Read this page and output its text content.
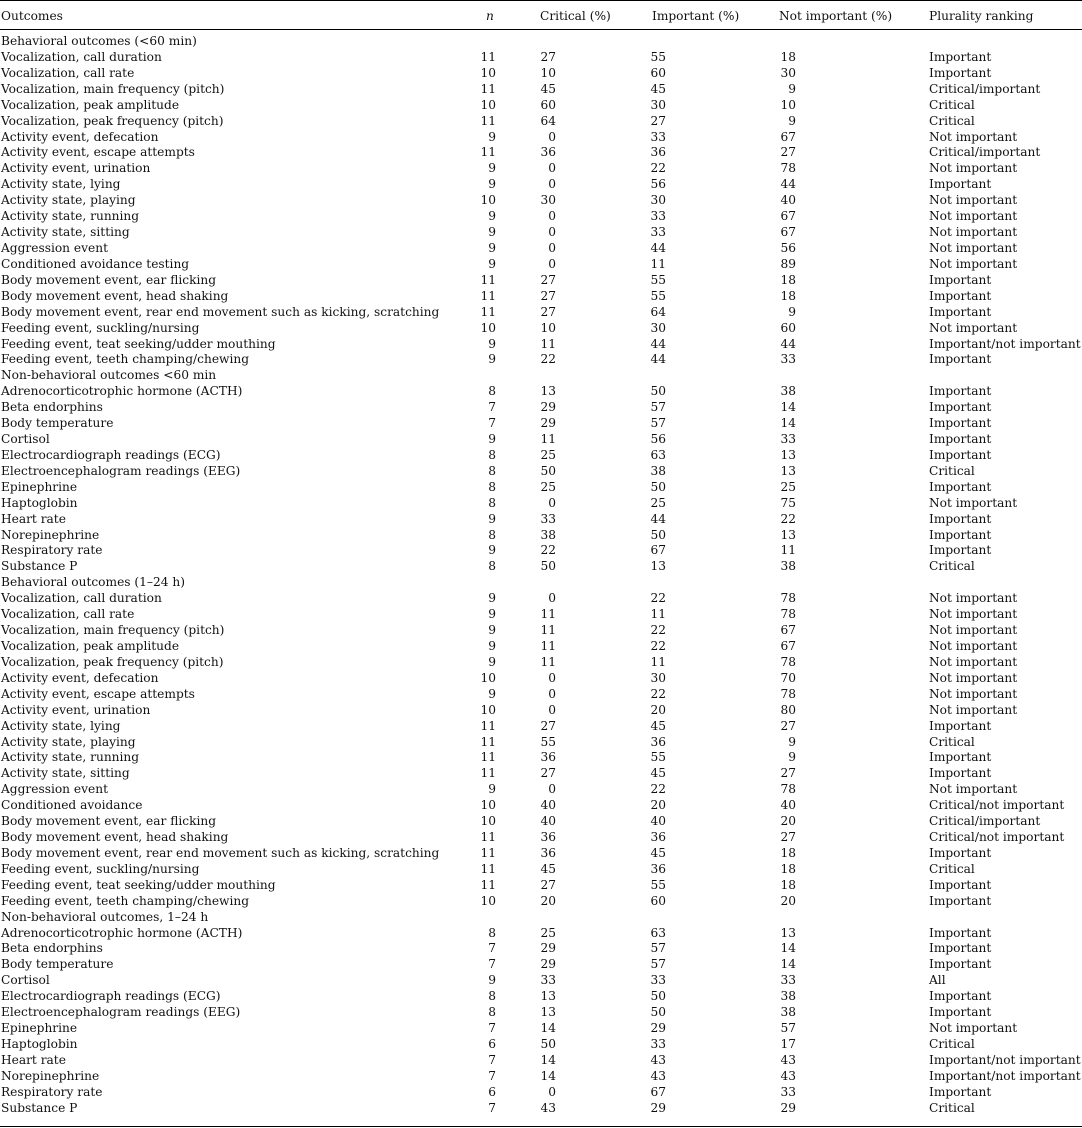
Outcomes	n	Critical (%)	Important (%)	Not important (%)	Plurality ranking
Behavioral outcomes (<60 min)
Vocalization, call duration	11	27	55	18	Important
Vocalization, call rate	10	10	60	30	Important
Vocalization, main frequency (pitch)	11	45	45	9	Critical/important
Vocalization, peak amplitude	10	60	30	10	Critical
Vocalization, peak frequency (pitch)	11	64	27	9	Critical
Activity event, defecation	9	0	33	67	Not important
Activity event, escape attempts	11	36	36	27	Critical/important
Activity event, urination	9	0	22	78	Not important
Activity state, lying	9	0	56	44	Important
Activity state, playing	10	30	30	40	Not important
Activity state, running	9	0	33	67	Not important
Activity state, sitting	9	0	33	67	Not important
Aggression event	9	0	44	56	Not important
Conditioned avoidance testing	9	0	11	89	Not important
Body movement event, ear flicking	11	27	55	18	Important
Body movement event, head shaking	11	27	55	18	Important
Body movement event, rear end movement such as kicking, scratching	11	27	64	9	Important
Feeding event, suckling/nursing	10	10	30	60	Not important
Feeding event, teat seeking/udder mouthing	9	11	44	44	Important/not important
Feeding event, teeth champing/chewing	9	22	44	33	Important
Non-behavioral outcomes <60 min
Adrenocorticotrophic hormone (ACTH)	8	13	50	38	Important
Beta endorphins	7	29	57	14	Important
Body temperature	7	29	57	14	Important
Cortisol	9	11	56	33	Important
Electrocardiograph readings (ECG)	8	25	63	13	Important
Electroencephalogram readings (EEG)	8	50	38	13	Critical
Epinephrine	8	25	50	25	Important
Haptoglobin	8	0	25	75	Not important
Heart rate	9	33	44	22	Important
Norepinephrine	8	38	50	13	Important
Respiratory rate	9	22	67	11	Important
Substance P	8	50	13	38	Critical
Behavioral outcomes (1–24 h)
Vocalization, call duration	9	0	22	78	Not important
Vocalization, call rate	9	11	11	78	Not important
Vocalization, main frequency (pitch)	9	11	22	67	Not important
Vocalization, peak amplitude	9	11	22	67	Not important
Vocalization, peak frequency (pitch)	9	11	11	78	Not important
Activity event, defecation	10	0	30	70	Not important
Activity event, escape attempts	9	0	22	78	Not important
Activity event, urination	10	0	20	80	Not important
Activity state, lying	11	27	45	27	Important
Activity state, playing	11	55	36	9	Critical
Activity state, running	11	36	55	9	Important
Activity state, sitting	11	27	45	27	Important
Aggression event	9	0	22	78	Not important
Conditioned avoidance	10	40	20	40	Critical/not important
Body movement event, ear flicking	10	40	40	20	Critical/important
Body movement event, head shaking	11	36	36	27	Critical/not important
Body movement event, rear end movement such as kicking, scratching	11	36	45	18	Important
Feeding event, suckling/nursing	11	45	36	18	Critical
Feeding event, teat seeking/udder mouthing	11	27	55	18	Important
Feeding event, teeth champing/chewing	10	20	60	20	Important
Non-behavioral outcomes, 1–24 h
Adrenocorticotrophic hormone (ACTH)	8	25	63	13	Important
Beta endorphins	7	29	57	14	Important
Body temperature	7	29	57	14	Important
Cortisol	9	33	33	33	All
Electrocardiograph readings (ECG)	8	13	50	38	Important
Electroencephalogram readings (EEG)	8	13	50	38	Important
Epinephrine	7	14	29	57	Not important
Haptoglobin	6	50	33	17	Critical
Heart rate	7	14	43	43	Important/not important
Norepinephrine	7	14	43	43	Important/not important
Respiratory rate	6	0	67	33	Important
Substance P	7	43	29	29	Critical
